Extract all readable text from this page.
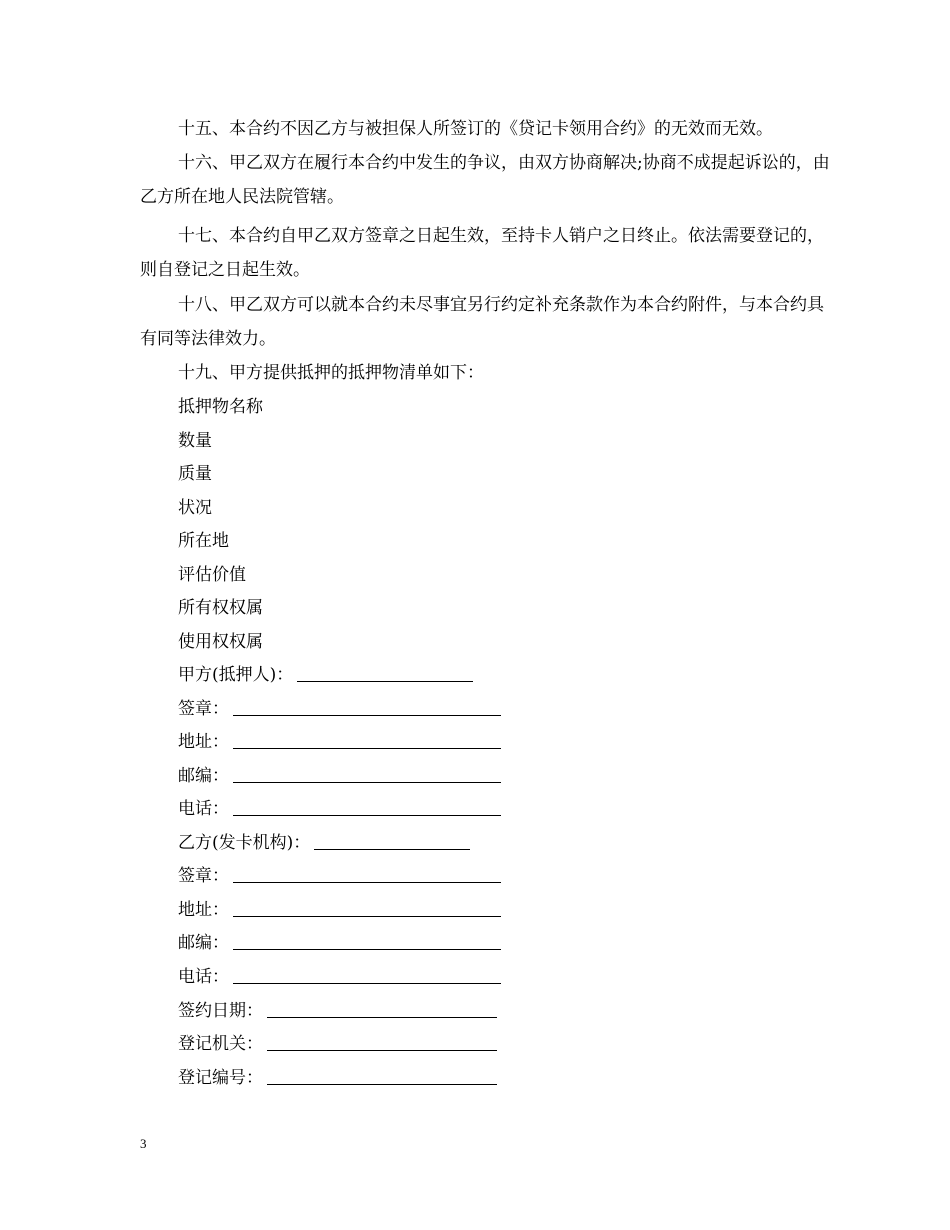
十五、本合约不因乙方与被担保人所签订的《贷记卡领用合约》的无效而无效。

十六、甲乙双方在履行本合约中发生的争议，由双方协商解决;协商不成提起诉讼的，由乙方所在地人民法院管辖。

十七、本合约自甲乙双方签章之日起生效，至持卡人销户之日终止。依法需要登记的，则自登记之日起生效。

十八、甲乙双方可以就本合约未尽事宜另行约定补充条款作为本合约附件，与本合约具有同等法律效力。

十九、甲方提供抵押的抵押物清单如下：

抵押物名称

数量

质量

状况

所在地

评估价值

所有权权属

使用权权属

甲方(抵押人)：

签章：

地址：

邮编：

电话：

乙方(发卡机构)：

签章：

地址：

邮编：

电话：

签约日期：

登记机关：

登记编号：

3
